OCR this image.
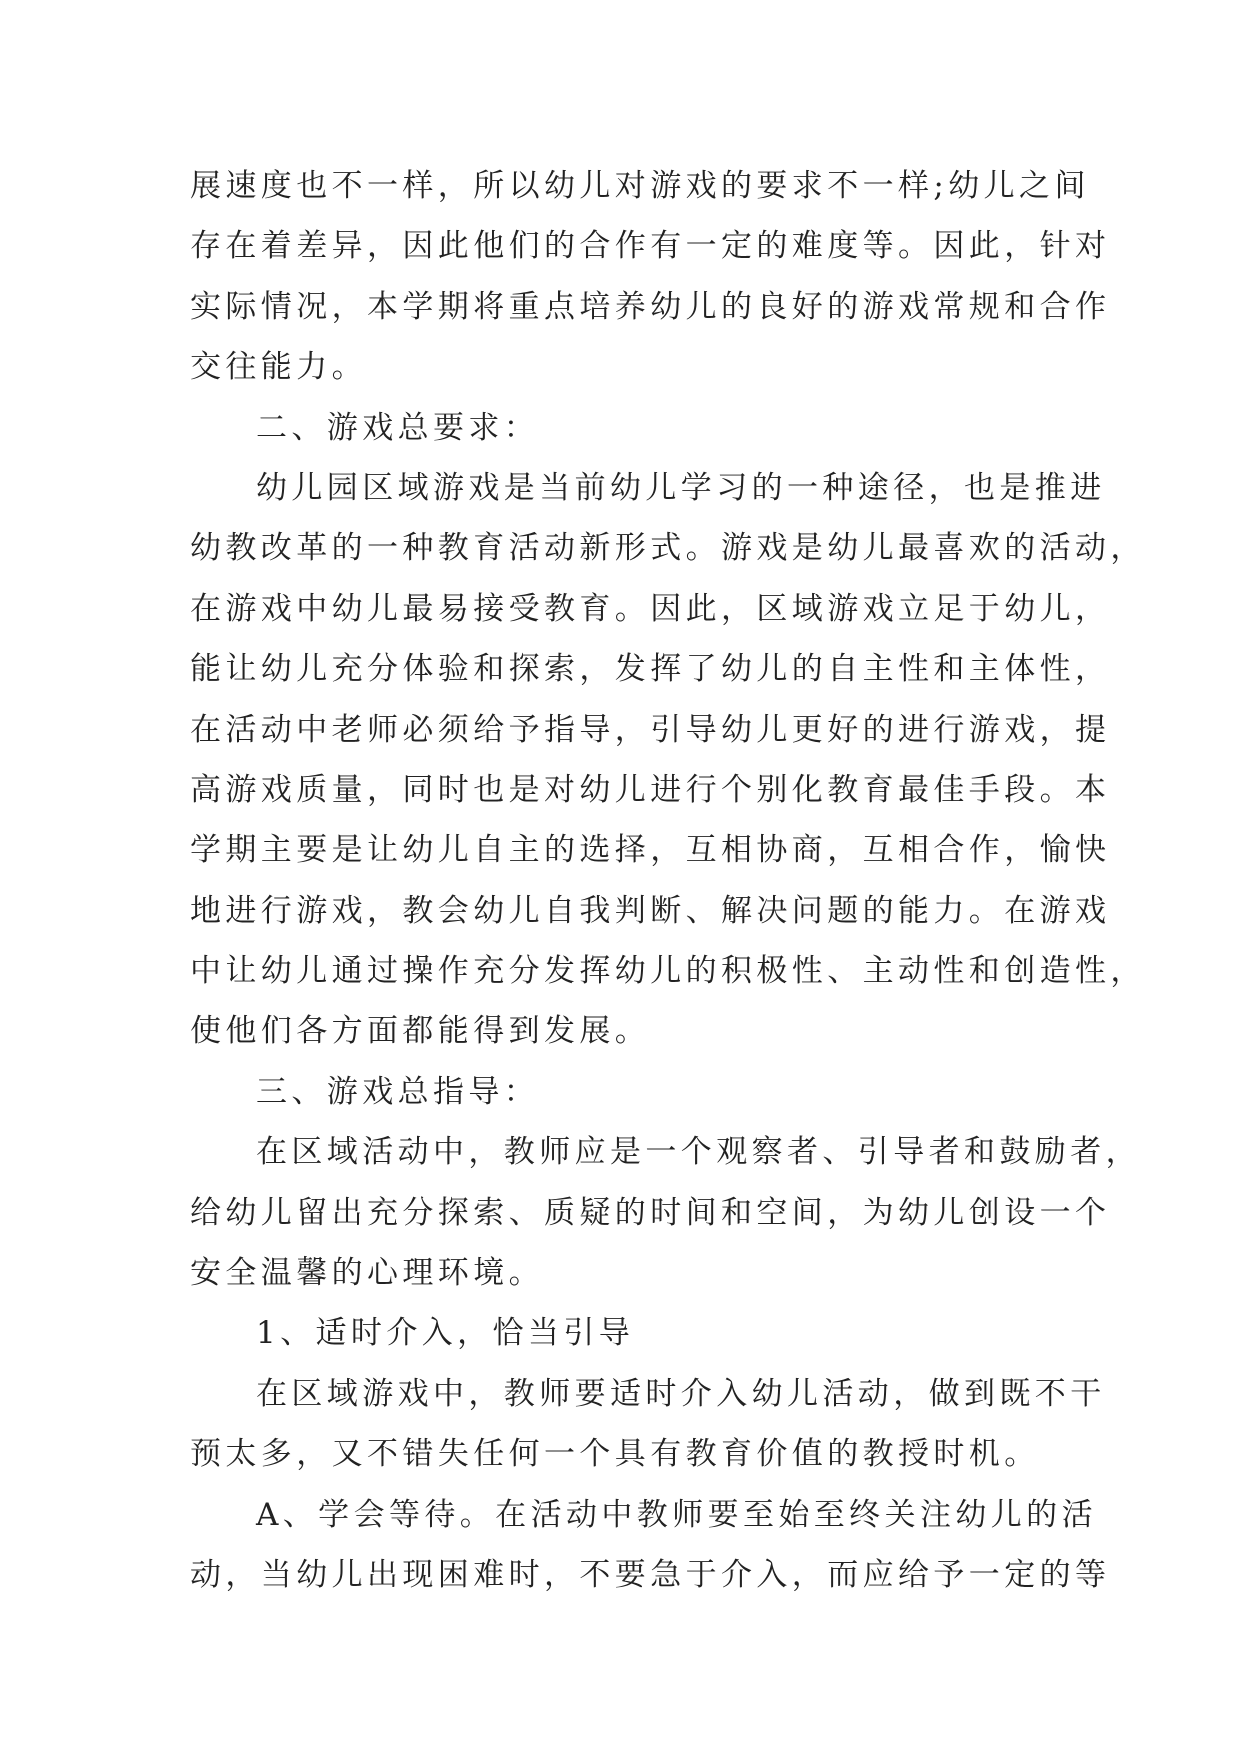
展速度也不一样，所以幼儿对游戏的要求不一样;幼儿之间
存在着差异，因此他们的合作有一定的难度等。因此，针对
实际情况，本学期将重点培养幼儿的良好的游戏常规和合作
交往能力。
二、游戏总要求：
幼儿园区域游戏是当前幼儿学习的一种途径，也是推进
幼教改革的一种教育活动新形式。游戏是幼儿最喜欢的活动，
在游戏中幼儿最易接受教育。因此，区域游戏立足于幼儿，
能让幼儿充分体验和探索，发挥了幼儿的自主性和主体性，
在活动中老师必须给予指导，引导幼儿更好的进行游戏，提
高游戏质量，同时也是对幼儿进行个别化教育最佳手段。本
学期主要是让幼儿自主的选择，互相协商，互相合作，愉快
地进行游戏，教会幼儿自我判断、解决问题的能力。在游戏
中让幼儿通过操作充分发挥幼儿的积极性、主动性和创造性，
使他们各方面都能得到发展。
三、游戏总指导：
在区域活动中，教师应是一个观察者、引导者和鼓励者，
给幼儿留出充分探索、质疑的时间和空间，为幼儿创设一个
安全温馨的心理环境。
1、适时介入，恰当引导
在区域游戏中，教师要适时介入幼儿活动，做到既不干
预太多，又不错失任何一个具有教育价值的教授时机。
A、学会等待。在活动中教师要至始至终关注幼儿的活
动，当幼儿出现困难时，不要急于介入，而应给予一定的等
